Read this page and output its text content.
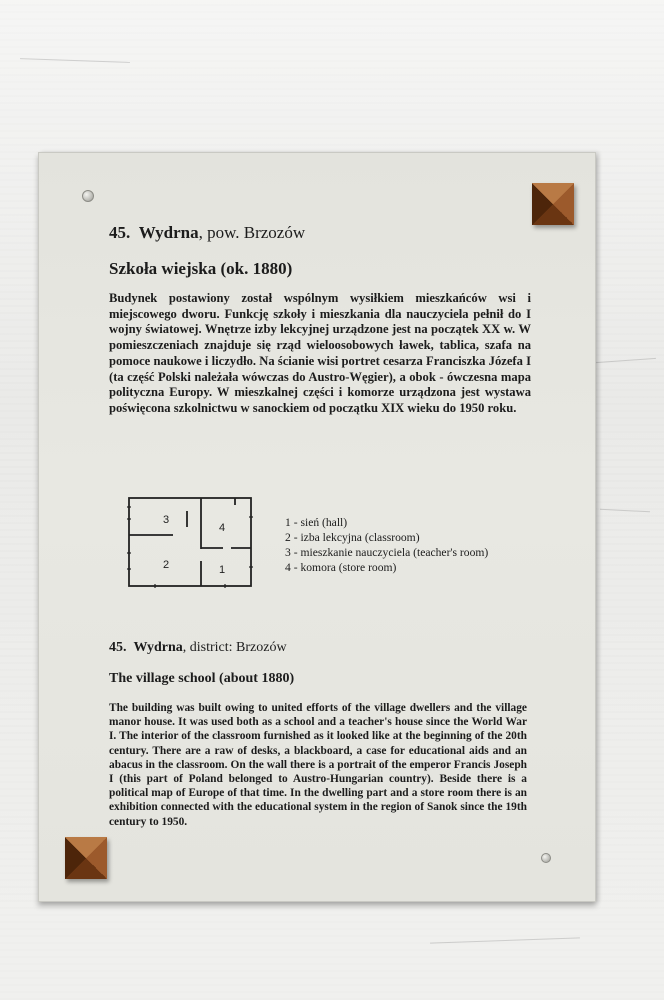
45. Wydrna, pow. Brzozów

Szkoła wiejska (ok. 1880)

Budynek postawiony został wspólnym wysiłkiem mieszkańców wsi i miejscowego dworu. Funkcję szkoły i mieszkania dla nauczyciela pełnił do I wojny światowej. Wnętrze izby lekcyjnej urządzone jest na początek XX w. W pomieszczeniach znajduje się rząd wieloosobowych ławek, tablica, szafa na pomoce naukowe i liczydło. Na ścianie wisi portret cesarza Franciszka Józefa I (ta część Polski należała wówczas do Austro-Węgier), a obok - ówczesna mapa polityczna Europy. W mieszkalnej części i komorze urządzona jest wystawa poświęcona szkolnictwu w sanockiem od początku XIX wieku do 1950 roku.

3
4
2	1
1 - sień (hall)
2 - izba lekcyjna (classroom)
3 - mieszkanie nauczyciela (teacher's room)
4 - komora (store room)

45. Wydrna, district: Brzozów

The village school (about 1880)

The building was built owing to united efforts of the village dwellers and the village manor house. It was used both as a school and a teacher's house since the World War I. The interior of the classroom furnished as it looked like at the beginning of the 20th century. There are a raw of desks, a blackboard, a case for educational aids and an abacus in the classroom. On the wall there is a portrait of the emperor Francis Joseph I (this part of Poland belonged to Austro-Hungarian country). Beside there is a political map of Europe of that time. In the dwelling part and a store room there is an exhibition connected with the educational system in the region of Sanok since the 19th century to 1950.
